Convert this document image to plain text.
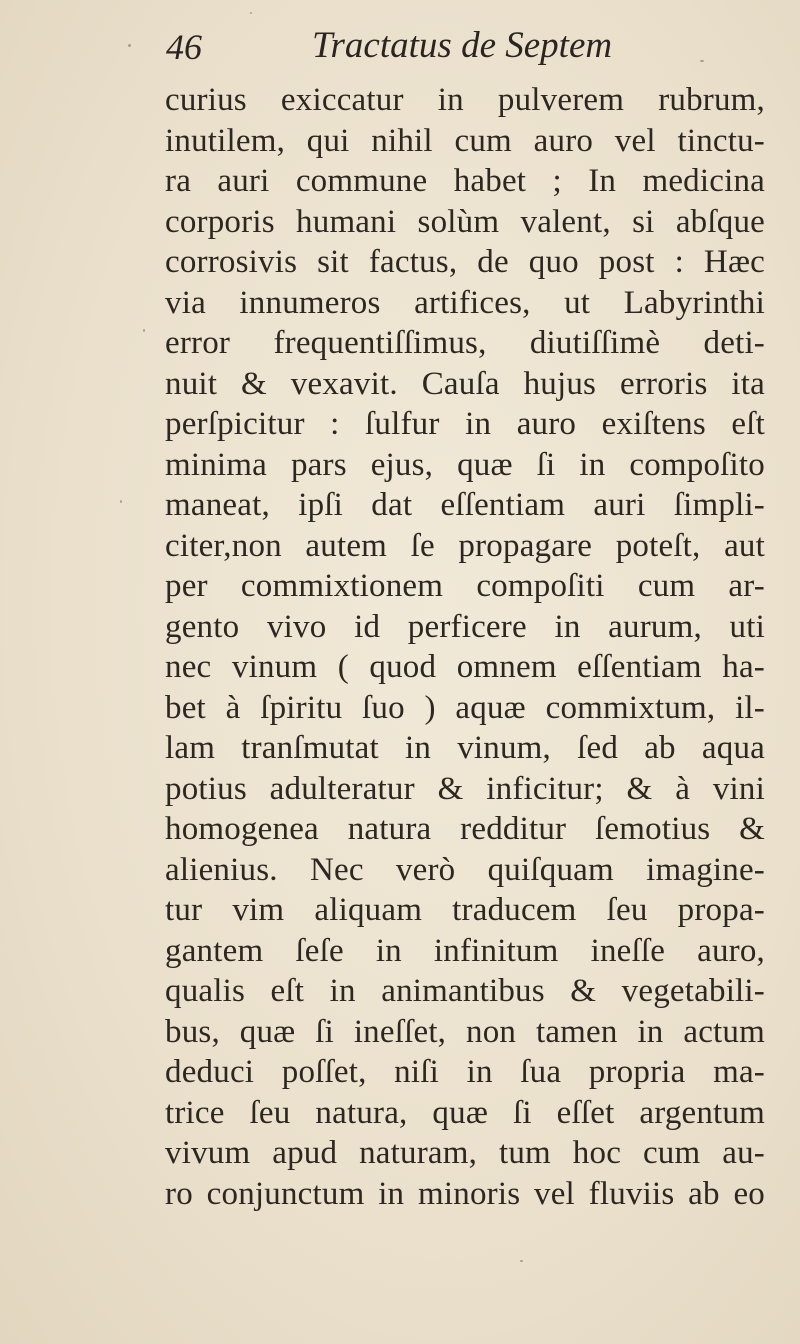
46	Tractatus de Septem
curius exiccatur in pulverem rubrum,
inutilem, qui nihil cum auro vel tinctu-
ra auri commune habet ; In medicina
corporis humani solùm valent, si abſque
corrosivis sit factus, de quo post : Hæc
via innumeros artifices, ut Labyrinthi
error frequentiſſimus, diutiſſimè deti-
nuit & vexavit. Cauſa hujus erroris ita
perſpicitur : ſulfur in auro exiſtens eſt
minima pars ejus, quæ ſi in compoſito
maneat, ipſi dat eſſentiam auri ſimpli-
citer,non autem ſe propagare poteſt, aut
per commixtionem compoſiti cum ar-
gento vivo id perficere in aurum, uti
nec vinum ( quod omnem eſſentiam ha-
bet à ſpiritu ſuo ) aquæ commixtum, il-
lam tranſmutat in vinum, ſed ab aqua
potius adulteratur & inficitur; & à vini
homogenea natura redditur ſemotius &
alienius. Nec verò quiſquam imagine-
tur vim aliquam traducem ſeu propa-
gantem ſeſe in infinitum ineſſe auro,
qualis eſt in animantibus & vegetabili-
bus, quæ ſi ineſſet, non tamen in actum
deduci poſſet, niſi in ſua propria ma-
trice ſeu natura, quæ ſi eſſet argentum
vivum apud naturam, tum hoc cum au-
ro conjunctum in minoris vel fluviis ab eo
